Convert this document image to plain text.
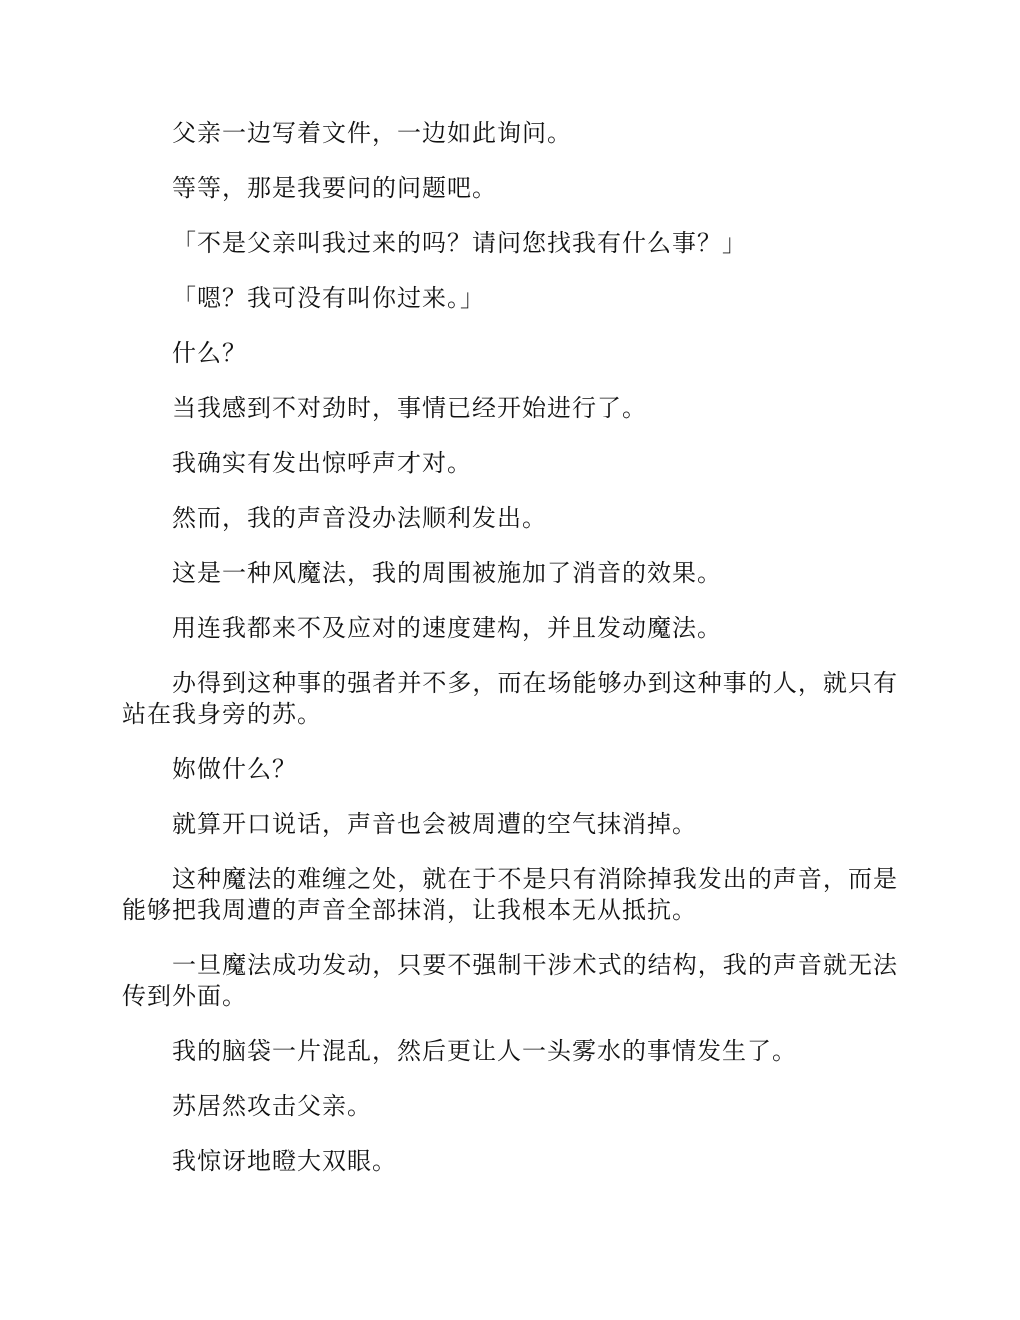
父亲一边写着文件，一边如此询问。

等等，那是我要问的问题吧。

「不是父亲叫我过来的吗？请问您找我有什么事？」

「嗯？我可没有叫你过来。」

什么？

当我感到不对劲时，事情已经开始进行了。

我确实有发出惊呼声才对。

然而，我的声音没办法顺利发出。

这是一种风魔法，我的周围被施加了消音的效果。

用连我都来不及应对的速度建构，并且发动魔法。

办得到这种事的强者并不多，而在场能够办到这种事的人，就只有站在我身旁的苏。

妳做什么？

就算开口说话，声音也会被周遭的空气抹消掉。

这种魔法的难缠之处，就在于不是只有消除掉我发出的声音，而是能够把我周遭的声音全部抹消，让我根本无从抵抗。

一旦魔法成功发动，只要不强制干涉术式的结构，我的声音就无法传到外面。

我的脑袋一片混乱，然后更让人一头雾水的事情发生了。

苏居然攻击父亲。

我惊讶地瞪大双眼。
